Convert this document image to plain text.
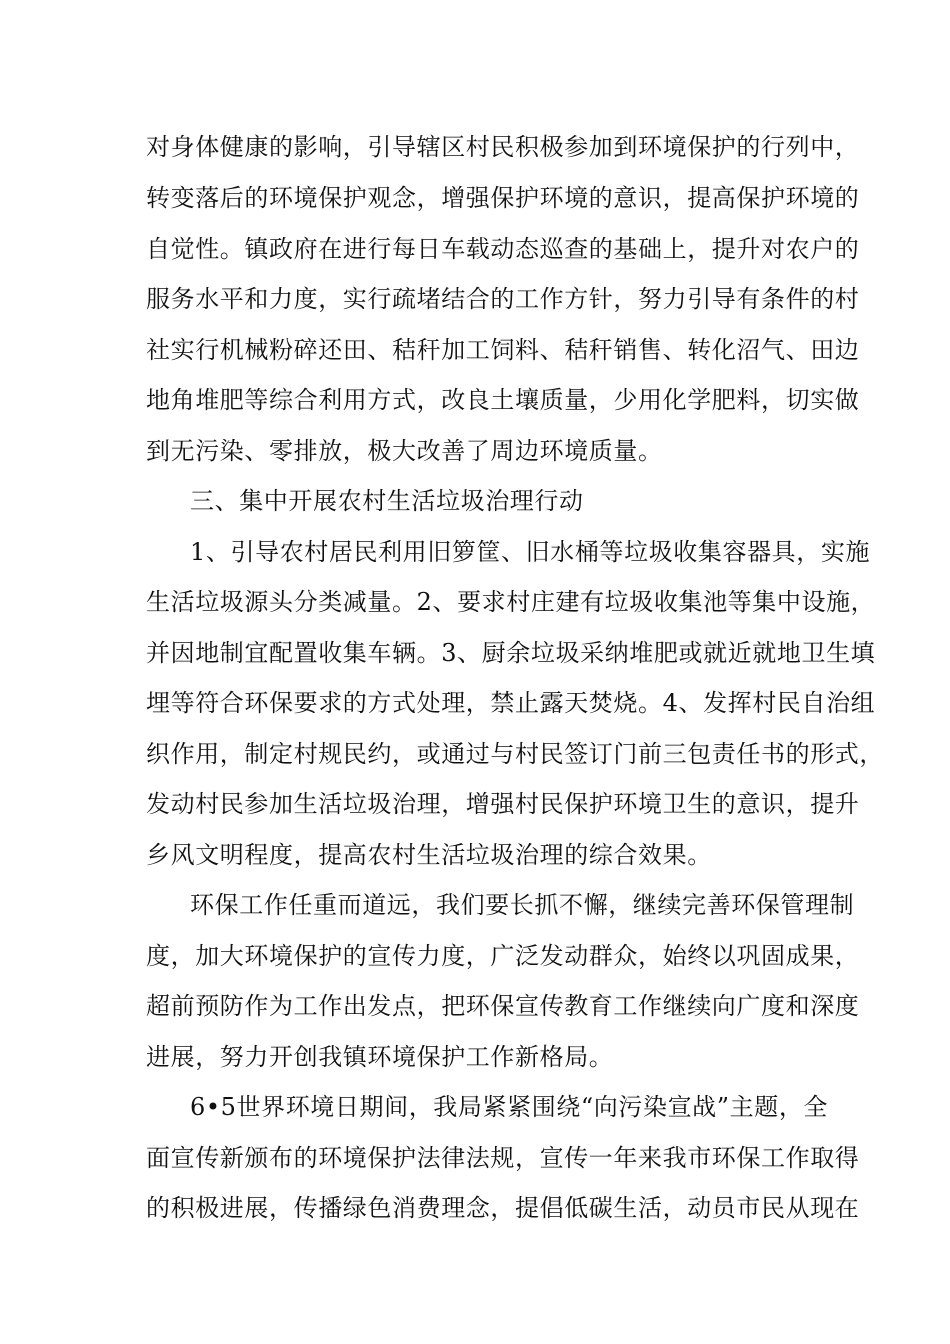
对身体健康的影响，引导辖区村民积极参加到环境保护的行列中，
转变落后的环境保护观念，增强保护环境的意识，提高保护环境的
自觉性。镇政府在进行每日车载动态巡查的基础上，提升对农户的
服务水平和力度，实行疏堵结合的工作方针，努力引导有条件的村
社实行机械粉碎还田、秸秆加工饲料、秸秆销售、转化沼气、田边
地角堆肥等综合利用方式，改良土壤质量，少用化学肥料，切实做
到无污染、零排放，极大改善了周边环境质量。
三、集中开展农村生活垃圾治理行动
1、引导农村居民利用旧箩筐、旧水桶等垃圾收集容器具，实施
生活垃圾源头分类减量。2、要求村庄建有垃圾收集池等集中设施，
并因地制宜配置收集车辆。3、厨余垃圾采纳堆肥或就近就地卫生填
埋等符合环保要求的方式处理，禁止露天焚烧。4、发挥村民自治组
织作用，制定村规民约，或通过与村民签订门前三包责任书的形式，
发动村民参加生活垃圾治理，增强村民保护环境卫生的意识，提升
乡风文明程度，提高农村生活垃圾治理的综合效果。
环保工作任重而道远，我们要长抓不懈，继续完善环保管理制
度，加大环境保护的宣传力度，广泛发动群众，始终以巩固成果，
超前预防作为工作出发点，把环保宣传教育工作继续向广度和深度
进展，努力开创我镇环境保护工作新格局。
6•5世界环境日期间，我局紧紧围绕“向污染宣战”主题，全
面宣传新颁布的环境保护法律法规，宣传一年来我市环保工作取得
的积极进展，传播绿色消费理念，提倡低碳生活，动员市民从现在
